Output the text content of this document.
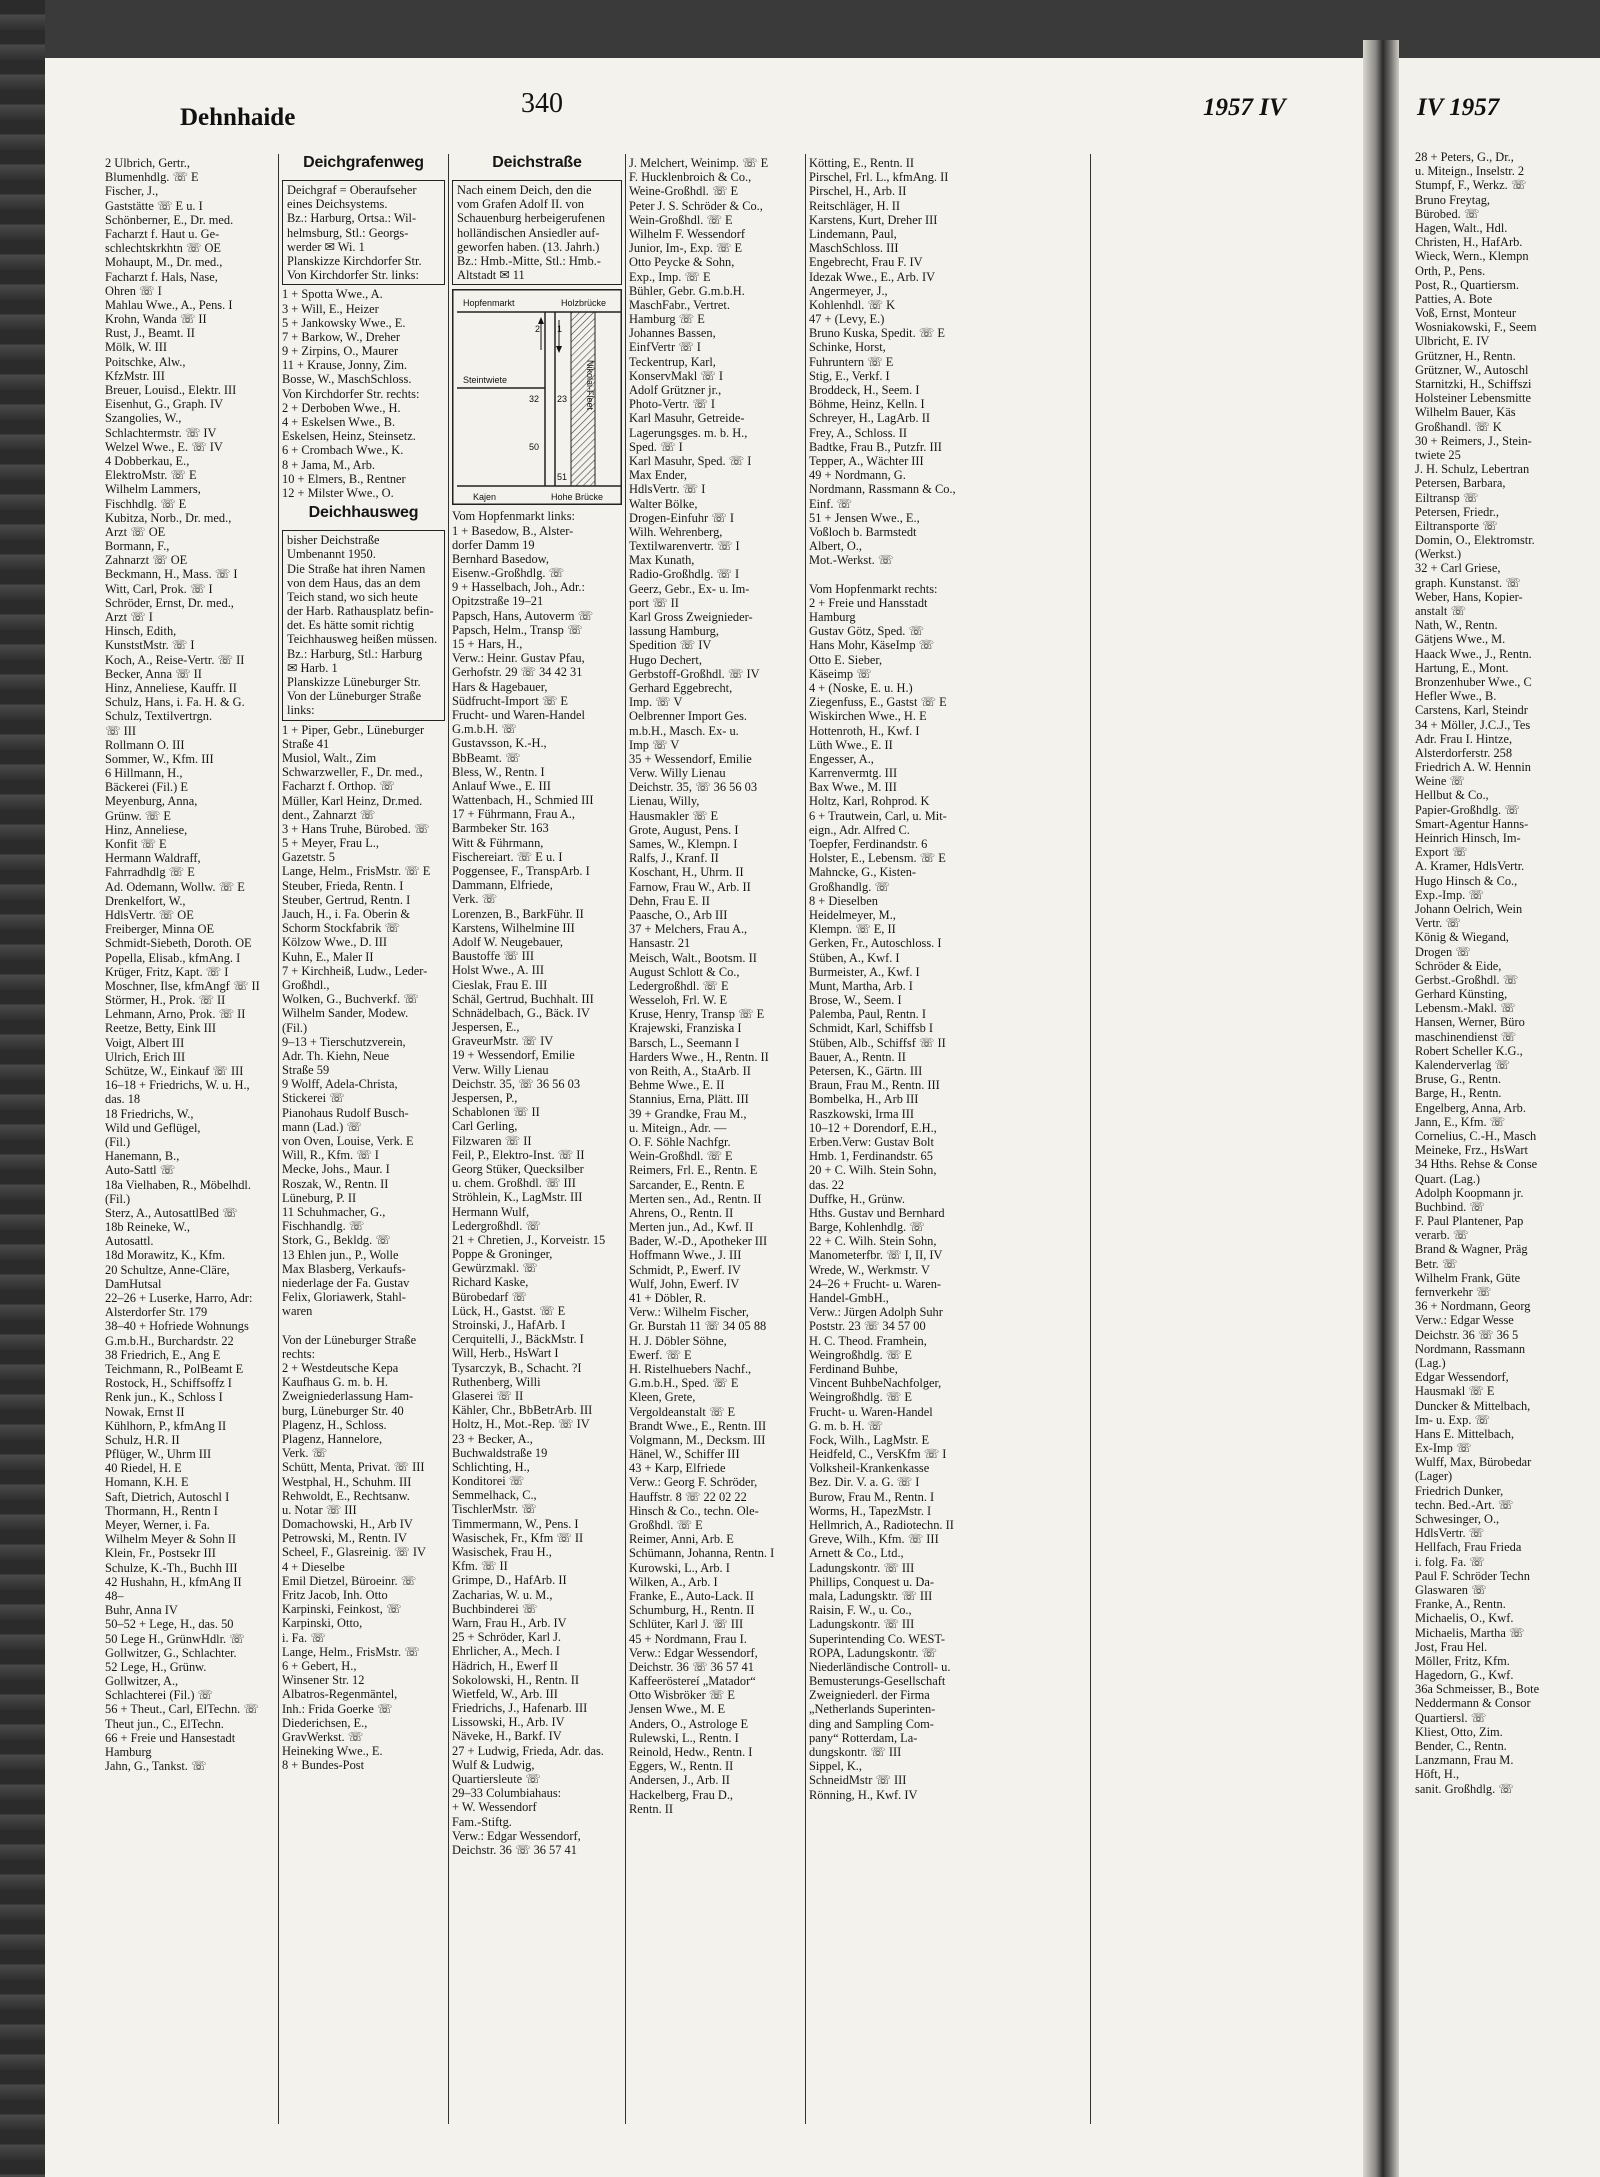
Dehnhaide	340	1957 IV
2 Ulbrich, Gertr.,
Blumenhdlg. ☏ E
Fischer, J.,
Gaststätte ☏ E u. I
Schönberner, E., Dr. med.
Facharzt f. Haut u. Ge-
schlechtskrkhtn ☏ OE
Mohaupt, M., Dr. med.,
Facharzt f. Hals, Nase,
Ohren ☏ I
Mahlau Wwe., A., Pens. I
Krohn, Wanda ☏ II
Rust, J., Beamt. II
Mölk, W. III
Poitschke, Alw.,
KfzMstr. III
Breuer, Louisd., Elektr. III
Eisenhut, G., Graph. IV
Szangolies, W.,
Schlachtermstr. ☏ IV
Welzel Wwe., E. ☏ IV
4 Dobberkau, E.,
ElektroMstr. ☏ E
Wilhelm Lammers,
Fischhdlg. ☏ E
Kubitza, Norb., Dr. med.,
Arzt ☏ OE
Bormann, F.,
Zahnarzt ☏ OE
Beckmann, H., Mass. ☏ I
Witt, Carl, Prok. ☏ I
Schröder, Ernst, Dr. med.,
Arzt ☏ I
Hinsch, Edith,
KunststMstr. ☏ I
Koch, A., Reise-Vertr. ☏ II
Becker, Anna ☏ II
Hinz, Anneliese, Kauffr. II
Schulz, Hans, i. Fa. H. & G.
Schulz, Textilvertrgn.
☏ III
Rollmann O. III
Sommer, W., Kfm. III
6 Hillmann, H.,
Bäckerei (Fil.) E
Meyenburg, Anna,
Grünw. ☏ E
Hinz, Anneliese,
Konfit ☏ E
Hermann Waldraff,
Fahrradhdlg ☏ E
Ad. Odemann, Wollw. ☏ E
Drenkelfort, W.,
HdlsVertr. ☏ OE
Freiberger, Minna OE
Schmidt-Siebeth, Doroth. OE
Popella, Elisab., kfmAng. I
Krüger, Fritz, Kapt. ☏ I
Moschner, Ilse, kfmAngf ☏ II
Störmer, H., Prok. ☏ II
Lehmann, Arno, Prok. ☏ II
Reetze, Betty, Eink III
Voigt, Albert III
Ulrich, Erich III
Schütze, W., Einkauf ☏ III
16–18 + Friedrichs, W. u. H.,
das. 18
18 Friedrichs, W.,
Wild und Geflügel,
(Fil.)
Hanemann, B.,
Auto-Sattl ☏
18a Vielhaben, R., Möbelhdl.
(Fil.)
Sterz, A., AutosattlBed ☏
18b Reineke, W.,
Autosattl.
18d Morawitz, K., Kfm.
20 Schultze, Anne-Cläre,
DamHutsal
22–26 + Luserke, Harro, Adr:
Alsterdorfer Str. 179
38–40 + Hofriede Wohnungs
G.m.b.H., Burchardstr. 22
38 Friedrich, E., Ang E
Teichmann, R., PolBeamt E
Rostock, H., Schiffsoffz I
Renk jun., K., Schloss I
Nowak, Ernst II
Kühlhorn, P., kfmAng II
Schulz, H.R. II
Pflüger, W., Uhrm III
40 Riedel, H. E
Homann, K.H. E
Saft, Dietrich, Autoschl I
Thormann, H., Rentn I
Meyer, Werner, i. Fa.
Wilhelm Meyer & Sohn II
Klein, Fr., Postsekr III
Schulze, K.-Th., Buchh III
42 Hushahn, H., kfmAng II
48–
Buhr, Anna IV
50–52 + Lege, H., das. 50
50 Lege H., GrünwHdlr. ☏
Gollwitzer, G., Schlachter.
52 Lege, H., Grünw.
Gollwitzer, A.,
Schlachterei (Fil.) ☏
56 + Theut., Carl, ElTechn. ☏
Theut jun., C., ElTechn.
66 + Freie und Hansestadt
Hamburg
Jahn, G., Tankst. ☏
Deichgrafenweg
Deichgraf = Oberaufseher
eines Deichsystems.
Bz.: Harburg, Ortsa.: Wil-
helmsburg, Stl.: Georgs-
werder ✉ Wi. 1
Planskizze Kirchdorfer Str.
Von Kirchdorfer Str. links:
1 + Spotta Wwe., A.
3 + Will, E., Heizer
5 + Jankowsky Wwe., E.
7 + Barkow, W., Dreher
9 + Zirpins, O., Maurer
11 + Krause, Jonny, Zim.
Bosse, W., MaschSchloss.
Von Kirchdorfer Str. rechts:
2 + Derboben Wwe., H.
4 + Eskelsen Wwe., B.
Eskelsen, Heinz, Steinsetz.
6 + Crombach Wwe., K.
8 + Jama, M., Arb.
10 + Elmers, B., Rentner
12 + Milster Wwe., O.
Deichhausweg
bisher Deichstraße
Umbenannt 1950.
Die Straße hat ihren Namen
von dem Haus, das an dem
Teich stand, wo sich heute
der Harb. Rathausplatz befin-
det. Es hätte somit richtig
Teichhausweg heißen müssen.
Bz.: Harburg, Stl.: Harburg
✉ Harb. 1
Planskizze Lüneburger Str.
Von der Lüneburger Straße
links:
1 + Piper, Gebr., Lüneburger
Straße 41
Musiol, Walt., Zim
Schwarzweller, F., Dr. med.,
Facharzt f. Orthop. ☏
Müller, Karl Heinz, Dr.med.
dent., Zahnarzt ☏
3 + Hans Truhe, Bürobed. ☏
5 + Meyer, Frau L.,
Gazetstr. 5
Lange, Helm., FrisMstr. ☏ E
Steuber, Frieda, Rentn. I
Steuber, Gertrud, Rentn. I
Jauch, H., i. Fa. Oberin &
Schorm Stockfabrik ☏
Kölzow Wwe., D. III
Kuhn, E., Maler II
7 + Kirchheiß, Ludw., Leder-
Großhdl.,
Wolken, G., Buchverkf. ☏
Wilhelm Sander, Modew.
(Fil.)
9–13 + Tierschutzverein,
Adr. Th. Kiehn, Neue
Straße 59
9 Wolff, Adela-Christa,
Stickerei ☏
Pianohaus Rudolf Busch-
mann (Lad.) ☏
von Oven, Louise, Verk. E
Will, R., Kfm. ☏ I
Mecke, Johs., Maur. I
Roszak, W., Rentn. II
Lüneburg, P. II
11 Schuhmacher, G.,
Fischhandlg. ☏
Stork, G., Bekldg. ☏
13 Ehlen jun., P., Wolle
Max Blasberg, Verkaufs-
niederlage der Fa. Gustav
Felix, Gloriawerk, Stahl-
waren
Von der Lüneburger Straße
rechts:
2 + Westdeutsche Kepa
Kaufhaus G. m. b. H.
Zweigniederlassung Ham-
burg, Lüneburger Str. 40
Plagenz, H., Schloss.
Plagenz, Hannelore,
Verk. ☏
Schütt, Menta, Privat. ☏ III
Westphal, H., Schuhm. III
Rehwoldt, E., Rechtsanw.
u. Notar ☏ III
Domachowski, H., Arb IV
Petrowski, M., Rentn. IV
Scheel, F., Glasreinig. ☏ IV
4 + Dieselbe
Emil Dietzel, Büroeinr. ☏
Fritz Jacob, Inh. Otto
Karpinski, Feinkost, ☏
Karpinski, Otto,
i. Fa. ☏
Lange, Helm., FrisMstr. ☏
6 + Gebert, H.,
Winsener Str. 12
Albatros-Regenmäntel,
Inh.: Frida Goerke ☏
Diederichsen, E.,
GravWerkst. ☏
Heineking Wwe., E.
8 + Bundes-Post
Deichstraße
Nach einem Deich, den die
vom Grafen Adolf II. von
Schauenburg herbeigerufenen
holländischen Ansiedler auf-
geworfen haben. (13. Jahrh.)
Bz.: Hmb.-Mitte, Stl.: Hmb.-
Altstadt ✉ 11
Hopfenmarkt	Holzbrücke
Steintwiete
Kajen	Hohe Brücke
Nikolai-Fleet
2 1
32 23
50
51
Vom Hopfenmarkt links:
1 + Basedow, B., Alster-
dorfer Damm 19
Bernhard Basedow,
Eisenw.-Großhdlg. ☏
9 + Hasselbach, Joh., Adr.:
Opitzstraße 19–21
Papsch, Hans, Autoverm ☏
Papsch, Helm., Transp ☏
15 + Hars, H.,
Verw.: Heinr. Gustav Pfau,
Gerhofstr. 29 ☏ 34 42 31
Hars & Hagebauer,
Südfrucht-Import ☏ E
Frucht- und Waren-Handel
G.m.b.H. ☏
Gustavsson, K.-H.,
BbBeamt. ☏
Bless, W., Rentn. I
Anlauf Wwe., E. III
Wattenbach, H., Schmied III
17 + Führmann, Frau A.,
Barmbeker Str. 163
Witt & Führmann,
Fischereiart. ☏ E u. I
Poggensee, F., TranspArb. I
Dammann, Elfriede,
Verk. ☏
Lorenzen, B., BarkFühr. II
Karstens, Wilhelmine III
Adolf W. Neugebauer,
Baustoffe ☏ III
Holst Wwe., A. III
Cieslak, Frau E. III
Schäl, Gertrud, Buchhalt. III
Schnädelbach, G., Bäck. IV
Jespersen, E.,
GraveurMstr. ☏ IV
19 + Wessendorf, Emilie
Verw. Willy Lienau
Deichstr. 35, ☏ 36 56 03
Jespersen, P.,
Schablonen ☏ II
Carl Gerling,
Filzwaren ☏ II
Feil, P., Elektro-Inst. ☏ II
Georg Stüker, Quecksilber
u. chem. Großhdl. ☏ III
Ströhlein, K., LagMstr. III
Hermann Wulf,
Ledergroßhdl. ☏
21 + Chretien, J., Korveistr. 15
Poppe & Groninger,
Gewürzmakl. ☏
Richard Kaske,
Bürobedarf ☏
Lück, H., Gastst. ☏ E
Stroinski, J., HafArb. I
Cerquitelli, J., BäckMstr. I
Will, Herb., HsWart I
Tysarczyk, B., Schacht. ?I
Ruthenberg, Willi
Glaserei ☏ II
Kähler, Chr., BbBetrArb. III
Holtz, H., Mot.-Rep. ☏ IV
23 + Becker, A.,
Buchwaldstraße 19
Schlichting, H.,
Konditorei ☏
Semmelhack, C.,
TischlerMstr. ☏
Timmermann, W., Pens. I
Wasischek, Fr., Kfm ☏ II
Wasischek, Frau H.,
Kfm. ☏ II
Grimpe, D., HafArb. II
Zacharias, W. u. M.,
Buchbinderei ☏
Warn, Frau H., Arb. IV
25 + Schröder, Karl J.
Ehrlicher, A., Mech. I
Hädrich, H., Ewerf II
Sokolowski, H., Rentn. II
Wietfeld, W., Arb. III
Friedrichs, J., Hafenarb. III
Lissowski, H., Arb. IV
Näveke, H., Barkf. IV
27 + Ludwig, Frieda, Adr. das.
Wulf & Ludwig,
Quartiersleute ☏
29–33 Columbiahaus:
+ W. Wessendorf
Fam.-Stiftg.
Verw.: Edgar Wessendorf,
Deichstr. 36 ☏ 36 57 41
J. Melchert, Weinimp. ☏ E
F. Hucklenbroich & Co.,
Weine-Großhdl. ☏ E
Peter J. S. Schröder & Co.,
Wein-Großhdl. ☏ E
Wilhelm F. Wessendorf
Junior, Im-, Exp. ☏ E
Otto Peycke & Sohn,
Exp., Imp. ☏ E
Bühler, Gebr. G.m.b.H.
MaschFabr., Vertret.
Hamburg ☏ E
Johannes Bassen,
EinfVertr ☏ I
Teckentrup, Karl,
KonservMakl ☏ I
Adolf Grützner jr.,
Photo-Vertr. ☏ I
Karl Masuhr, Getreide-
Lagerungsges. m. b. H.,
Sped. ☏ I
Karl Masuhr, Sped. ☏ I
Max Ender,
HdlsVertr. ☏ I
Walter Bölke,
Drogen-Einfuhr ☏ I
Wilh. Wehrenberg,
Textilwarenvertr. ☏ I
Max Kunath,
Radio-Großhdlg. ☏ I
Geerz, Gebr., Ex- u. Im-
port ☏ II
Karl Gross Zweignieder-
lassung Hamburg,
Spedition ☏ IV
Hugo Dechert,
Gerbstoff-Großhdl. ☏ IV
Gerhard Eggebrecht,
Imp. ☏ V
Oelbrenner Import Ges.
m.b.H., Masch. Ex- u.
Imp ☏ V
35 + Wessendorf, Emilie
Verw. Willy Lienau
Deichstr. 35, ☏ 36 56 03
Lienau, Willy,
Hausmakler ☏ E
Grote, August, Pens. I
Sames, W., Klempn. I
Ralfs, J., Kranf. II
Koschant, H., Uhrm. II
Farnow, Frau W., Arb. II
Dehn, Frau E. II
Paasche, O., Arb III
37 + Melchers, Frau A.,
Hansastr. 21
Meisch, Walt., Bootsm. II
August Schlott & Co.,
Ledergroßhdl. ☏ E
Wesseloh, Frl. W. E
Kruse, Henry, Transp ☏ E
Krajewski, Franziska I
Barsch, L., Seemann I
Harders Wwe., H., Rentn. II
von Reith, A., StaArb. II
Behme Wwe., E. II
Stannius, Erna, Plätt. III
39 + Grandke, Frau M.,
u. Miteign., Adr. —
O. F. Söhle Nachfgr.
Wein-Großhdl. ☏ E
Reimers, Frl. E., Rentn. E
Sarcander, E., Rentn. E
Merten sen., Ad., Rentn. II
Ahrens, O., Rentn. II
Merten jun., Ad., Kwf. II
Bader, W.-D., Apotheker III
Hoffmann Wwe., J. III
Schmidt, P., Ewerf. IV
Wulf, John, Ewerf. IV
41 + Döbler, R.
Verw.: Wilhelm Fischer,
Gr. Burstah 11 ☏ 34 05 88
H. J. Döbler Söhne,
Ewerf. ☏ E
H. Ristelhuebers Nachf.,
G.m.b.H., Sped. ☏ E
Kleen, Grete,
Vergoldeanstalt ☏ E
Brandt Wwe., E., Rentn. III
Volgmann, M., Decksm. III
Hänel, W., Schiffer III
43 + Karp, Elfriede
Verw.: Georg F. Schröder,
Hauffstr. 8 ☏ 22 02 22
Hinsch & Co., techn. Ole-
Großhdl. ☏ E
Reimer, Anni, Arb. E
Schümann, Johanna, Rentn. I
Kurowski, L., Arb. I
Wilken, A., Arb. I
Franke, E., Auto-Lack. II
Schumburg, H., Rentn. II
Schlüter, Karl J. ☏ III
45 + Nordmann, Frau I.
Verw.: Edgar Wessendorf,
Deichstr. 36 ☏ 36 57 41
Kaffeeröstereí „Matador“
Otto Wisbröker ☏ E
Jensen Wwe., M. E
Anders, O., Astrologe E
Rulewski, L., Rentn. I
Reinold, Hedw., Rentn. I
Eggers, W., Rentn. II
Andersen, J., Arb. II
Hackelberg, Frau D.,
Rentn. II
Kötting, E., Rentn. II
Pirschel, Frl. L., kfmAng. II
Pirschel, H., Arb. II
Reitschläger, H. II
Karstens, Kurt, Dreher III
Lindemann, Paul,
MaschSchloss. III
Engebrecht, Frau F. IV
Idezak Wwe., E., Arb. IV
Angermeyer, J.,
Kohlenhdl. ☏ K
47 + (Levy, E.)
Bruno Kuska, Spedit. ☏ E
Schinke, Horst,
Fuhruntern ☏ E
Stig, E., Verkf. I
Broddeck, H., Seem. I
Böhme, Heinz, Kelln. I
Schreyer, H., LagArb. II
Frey, A., Schloss. II
Badtke, Frau B., Putzfr. III
Tepper, A., Wächter III
49 + Nordmann, G.
Nordmann, Rassmann & Co.,
Einf. ☏
51 + Jensen Wwe., E.,
Voßloch b. Barmstedt
Albert, O.,
Mot.-Werkst. ☏
Vom Hopfenmarkt rechts:
2 + Freie und Hansstadt
Hamburg
Gustav Götz, Sped. ☏
Hans Mohr, KäseImp ☏
Otto E. Sieber,
Käseimp ☏
4 + (Noske, E. u. H.)
Ziegenfuss, E., Gastst ☏ E
Wiskirchen Wwe., H. E
Hottenroth, H., Kwf. I
Lüth Wwe., E. II
Engesser, A.,
Karrenvermtg. III
Bax Wwe., M. III
Holtz, Karl, Rohprod. K
6 + Trautwein, Carl, u. Mit-
eign., Adr. Alfred C.
Toepfer, Ferdinandstr. 6
Holster, E., Lebensm. ☏ E
Mahncke, G., Kisten-
Großhandlg. ☏
8 + Dieselben
Heidelmeyer, M.,
Klempn. ☏ E, II
Gerken, Fr., Autoschloss. I
Stüben, A., Kwf. I
Burmeister, A., Kwf. I
Munt, Martha, Arb. I
Brose, W., Seem. I
Palemba, Paul, Rentn. I
Schmidt, Karl, Schiffsb I
Stüben, Alb., Schiffsf ☏ II
Bauer, A., Rentn. II
Petersen, K., Gärtn. III
Braun, Frau M., Rentn. III
Bombelka, H., Arb III
Raszkowski, Irma III
10–12 + Dorendorf, E.H.,
Erben.Verw: Gustav Bolt
Hmb. 1, Ferdinandstr. 65
20 + C. Wilh. Stein Sohn,
das. 22
Duffke, H., Grünw.
Hths. Gustav und Bernhard
Barge, Kohlenhdlg. ☏
22 + C. Wilh. Stein Sohn,
Manometerfbr. ☏ I, II, IV
Wrede, W., Werkmstr. V
24–26 + Frucht- u. Waren-
Handel-GmbH.,
Verw.: Jürgen Adolph Suhr
Poststr. 23 ☏ 34 57 00
H. C. Theod. Framhein,
Weingroßhdlg. ☏ E
Ferdinand Buhbe,
Vincent BuhbeNachfolger,
Weingroßhdlg. ☏ E
Frucht- u. Waren-Handel
G. m. b. H. ☏
Fock, Wilh., LagMstr. E
Heidfeld, C., VersKfm ☏ I
Volksheil-Krankenkasse
Bez. Dir. V. a. G. ☏ I
Burow, Frau M., Rentn. I
Worms, H., TapezMstr. I
Hellmrich, A., Radiotechn. II
Greve, Wilh., Kfm. ☏ III
Arnett & Co., Ltd.,
Ladungskontr. ☏ III
Phillips, Conquest u. Da-
mala, Ladungsktr. ☏ III
Raisin, F. W., u. Co.,
Ladungskontr. ☏ III
Superintending Co. WEST-
ROPA, Ladungskontr. ☏
Niederländische Controll- u.
Bemusterungs-Gesellschaft
Zweigniederl. der Firma
„Netherlands Superinten-
ding and Sampling Com-
pany“ Rotterdam, La-
dungskontr. ☏ III
Sippel, K.,
SchneidMstr ☏ III
Rönning, H., Kwf. IV
IV 1957
28 + Peters, G., Dr.,
u. Miteign., Inselstr. 2
Stumpf, F., Werkz. ☏
Bruno Freytag,
Bürobed. ☏
Hagen, Walt., Hdl.
Christen, H., HafArb.
Wieck, Wern., Klempn
Orth, P., Pens.
Post, R., Quartiersm.
Patties, A. Bote
Voß, Ernst, Monteur
Wosniakowski, F., Seem
Ulbricht, E. IV
Grützner, H., Rentn.
Grützner, W., Autoschl
Starnitzki, H., Schiffszi
Holsteiner Lebensmitte
Wilhelm Bauer, Käs
Großhandl. ☏ K
30 + Reimers, J., Stein-
twiete 25
J. H. Schulz, Lebertran
Petersen, Barbara,
Eiltransp ☏
Petersen, Friedr.,
Eiltransporte ☏
Domin, O., Elektromstr.
(Werkst.)
32 + Carl Griese,
graph. Kunstanst. ☏
Weber, Hans, Kopier-
anstalt ☏
Nath, W., Rentn.
Gätjens Wwe., M.
Haack Wwe., J., Rentn.
Hartung, E., Mont.
Bronzenhuber Wwe., C
Hefler Wwe., B.
Carstens, Karl, Steindr
34 + Möller, J.C.J., Tes
Adr. Frau I. Hintze,
Alsterdorferstr. 258
Friedrich A. W. Hennin
Weine ☏
Hellbut & Co.,
Papier-Großhdlg. ☏
Smart-Agentur Hanns-
Heinrich Hinsch, Im-
Export ☏
A. Kramer, HdlsVertr.
Hugo Hinsch & Co.,
Exp.-Imp. ☏
Johann Oelrich, Wein
Vertr. ☏
König & Wiegand,
Drogen ☏
Schröder & Eide,
Gerbst.-Großhdl. ☏
Gerhard Künsting,
Lebensm.-Makl. ☏
Hansen, Werner, Büro
maschinendienst ☏
Robert Scheller K.G.,
Kalenderverlag ☏
Bruse, G., Rentn.
Barge, H., Rentn.
Engelberg, Anna, Arb.
Jann, E., Kfm. ☏
Cornelius, C.-H., Masch
Meineke, Frz., HsWart
34 Hths. Rehse & Conse
Quart. (Lag.)
Adolph Koopmann jr.
Buchbind. ☏
F. Paul Plantener, Pap
verarb. ☏
Brand & Wagner, Präg
Betr. ☏
Wilhelm Frank, Güte
fernverkehr ☏
36 + Nordmann, Georg
Verw.: Edgar Wesse
Deichstr. 36 ☏ 36 5
Nordmann, Rassmann
(Lag.)
Edgar Wessendorf,
Hausmakl ☏ E
Duncker & Mittelbach,
Im- u. Exp. ☏
Hans E. Mittelbach,
Ex-Imp ☏
Wulff, Max, Bürobedar
(Lager)
Friedrich Dunker,
techn. Bed.-Art. ☏
Schwesinger, O.,
HdlsVertr. ☏
Hellfach, Frau Frieda
i. folg. Fa. ☏
Paul F. Schröder Techn
Glaswaren ☏
Franke, A., Rentn.
Michaelis, O., Kwf.
Michaelis, Martha ☏
Jost, Frau Hel.
Möller, Fritz, Kfm.
Hagedorn, G., Kwf.
36a Schmeisser, B., Bote
Neddermann & Consor
Quartiersl. ☏
Kliest, Otto, Zim.
Bender, C., Rentn.
Lanzmann, Frau M.
Höft, H.,
sanit. Großhdlg. ☏
